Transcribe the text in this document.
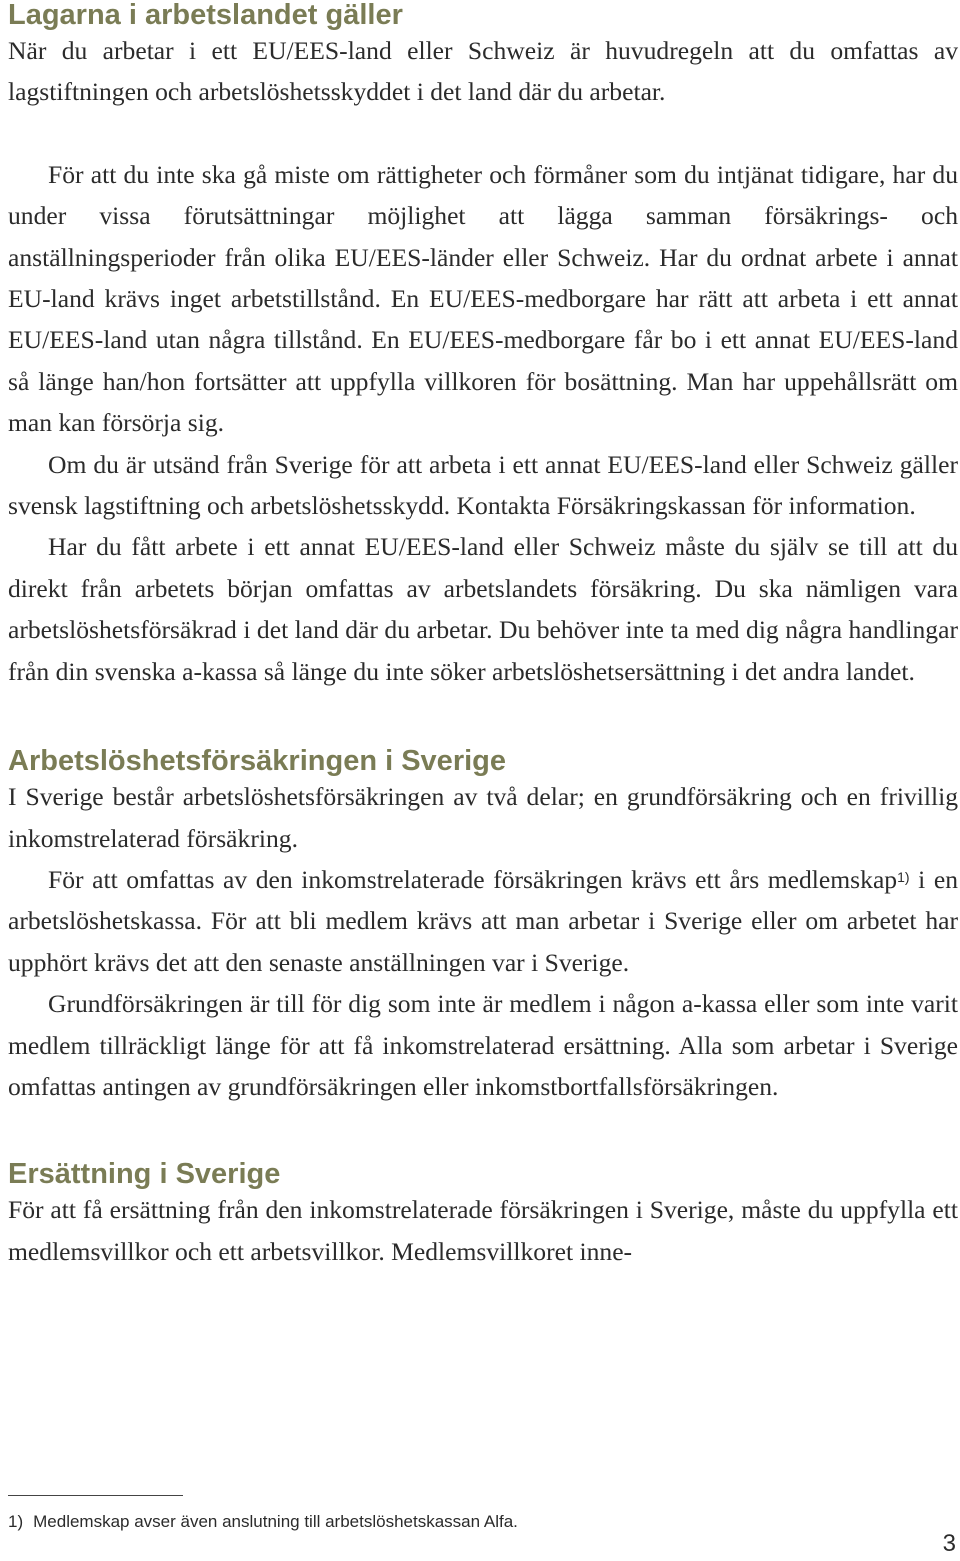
Lagarna i arbetslandet gäller

När du arbetar i ett EU/EES-land eller Schweiz är huvudregeln att du omfattas av lagstiftningen och arbetslöshetsskyddet i det land där du arbetar.

För att du inte ska gå miste om rättigheter och förmåner som du intjänat tidigare, har du under vissa förutsättningar möjlighet att lägga samman försäkrings- och anställningsperioder från olika EU/EES-länder eller Schweiz. Har du ordnat arbete i annat EU-land krävs inget arbetstillstånd. En EU/EES-medborgare har rätt att arbeta i ett annat EU/EES-land utan några tillstånd. En EU/EES-medborgare får bo i ett annat EU/EES-land så länge han/hon fortsätter att uppfylla villkoren för bosättning. Man har uppehållsrätt om man kan försörja sig.

Om du är utsänd från Sverige för att arbeta i ett annat EU/EES-land eller Schweiz gäller svensk lagstiftning och arbetslöshetsskydd. Kontakta Försäkringskassan för information.

Har du fått arbete i ett annat EU/EES-land eller Schweiz måste du själv se till att du direkt från arbetets början omfattas av arbetslandets försäkring. Du ska nämligen vara arbetslöshetsförsäkrad i det land där du arbetar. Du behöver inte ta med dig några handlingar från din svenska a-kassa så länge du inte söker arbetslöshetsersättning i det andra landet.

Arbetslöshetsförsäkringen i Sverige

I Sverige består arbetslöshetsförsäkringen av två delar; en grundförsäkring och en frivillig inkomstrelaterad försäkring.

För att omfattas av den inkomstrelaterade försäkringen krävs ett års medlemskap$^{1)}$ i en arbetslöshetskassa. För att bli medlem krävs att man arbetar i Sverige eller om arbetet har upphört krävs det att den senaste anställningen var i Sverige.

Grundförsäkringen är till för dig som inte är medlem i någon a-kassa eller som inte varit medlem tillräckligt länge för att få inkomstrelaterad ersättning. Alla som arbetar i Sverige omfattas antingen av grundförsäkringen eller inkomstbortfallsförsäkringen.

Ersättning i Sverige

För att få ersättning från den inkomstrelaterade försäkringen i Sverige, måste du uppfylla ett medlemsvillkor och ett arbetsvillkor. Medlemsvillkoret inne-

1) Medlemskap avser även anslutning till arbetslöshetskassan Alfa.
3
